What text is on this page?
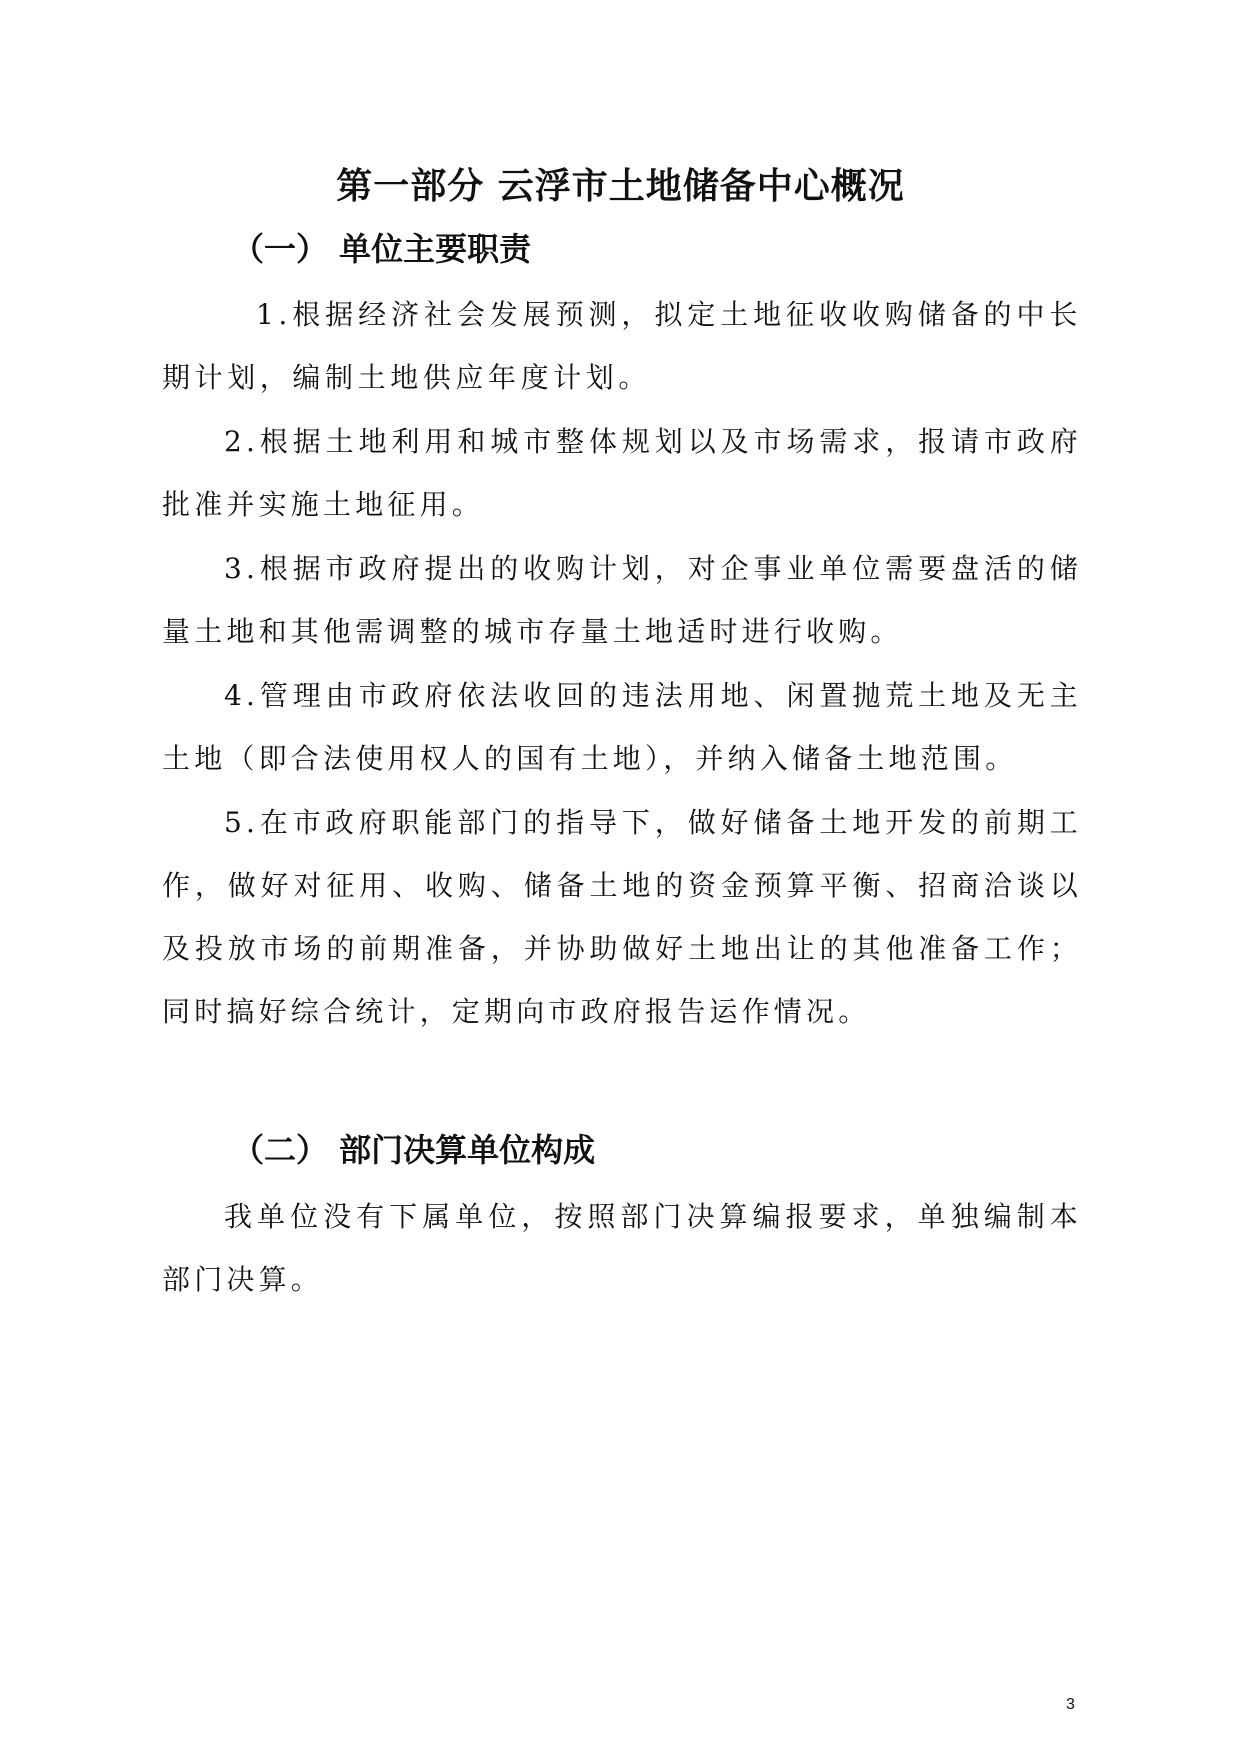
第一部分 云浮市土地储备中心概况
（一） 单位主要职责

1.根据经济社会发展预测，拟定土地征收收购储备的中长期计划，编制土地供应年度计划。

2.根据土地利用和城市整体规划以及市场需求，报请市政府批准并实施土地征用。

3.根据市政府提出的收购计划，对企事业单位需要盘活的储量土地和其他需调整的城市存量土地适时进行收购。

4.管理由市政府依法收回的违法用地、闲置抛荒土地及无主土地（即合法使用权人的国有土地），并纳入储备土地范围。

5.在市政府职能部门的指导下，做好储备土地开发的前期工作，做好对征用、收购、储备土地的资金预算平衡、招商洽谈以及投放市场的前期准备，并协助做好土地出让的其他准备工作；同时搞好综合统计，定期向市政府报告运作情况。

（二） 部门决算单位构成

我单位没有下属单位，按照部门决算编报要求，单独编制本部门决算。

3
